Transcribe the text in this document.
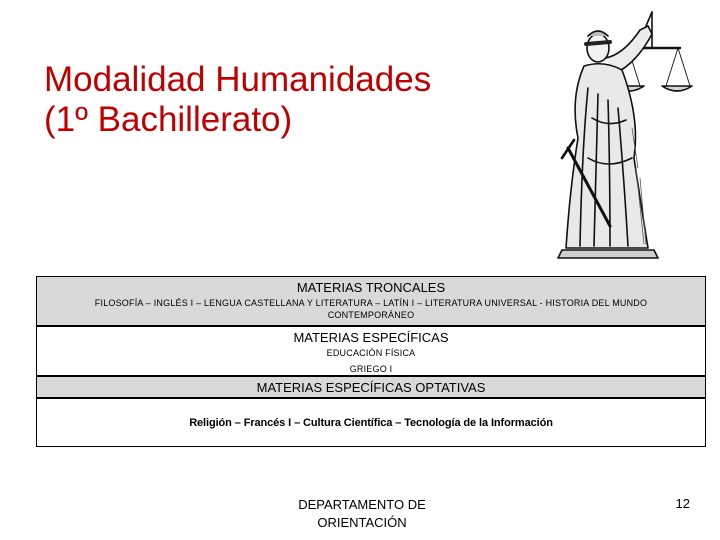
Modalidad Humanidades
(1º Bachillerato)
MATERIAS TRONCALES
FILOSOFÍA – INGLÉS I – LENGUA CASTELLANA Y LITERATURA – LATÍN I – LITERATURA UNIVERSAL - HISTORIA DEL MUNDO
CONTEMPORÁNEO
MATERIAS ESPECÍFICAS
EDUCACIÓN FÍSICA
GRIEGO I
MATERIAS ESPECÍFICAS OPTATIVAS
Religión – Francés I – Cultura Científica – Tecnología de la Información
DEPARTAMENTO DE
ORIENTACIÓN
12
